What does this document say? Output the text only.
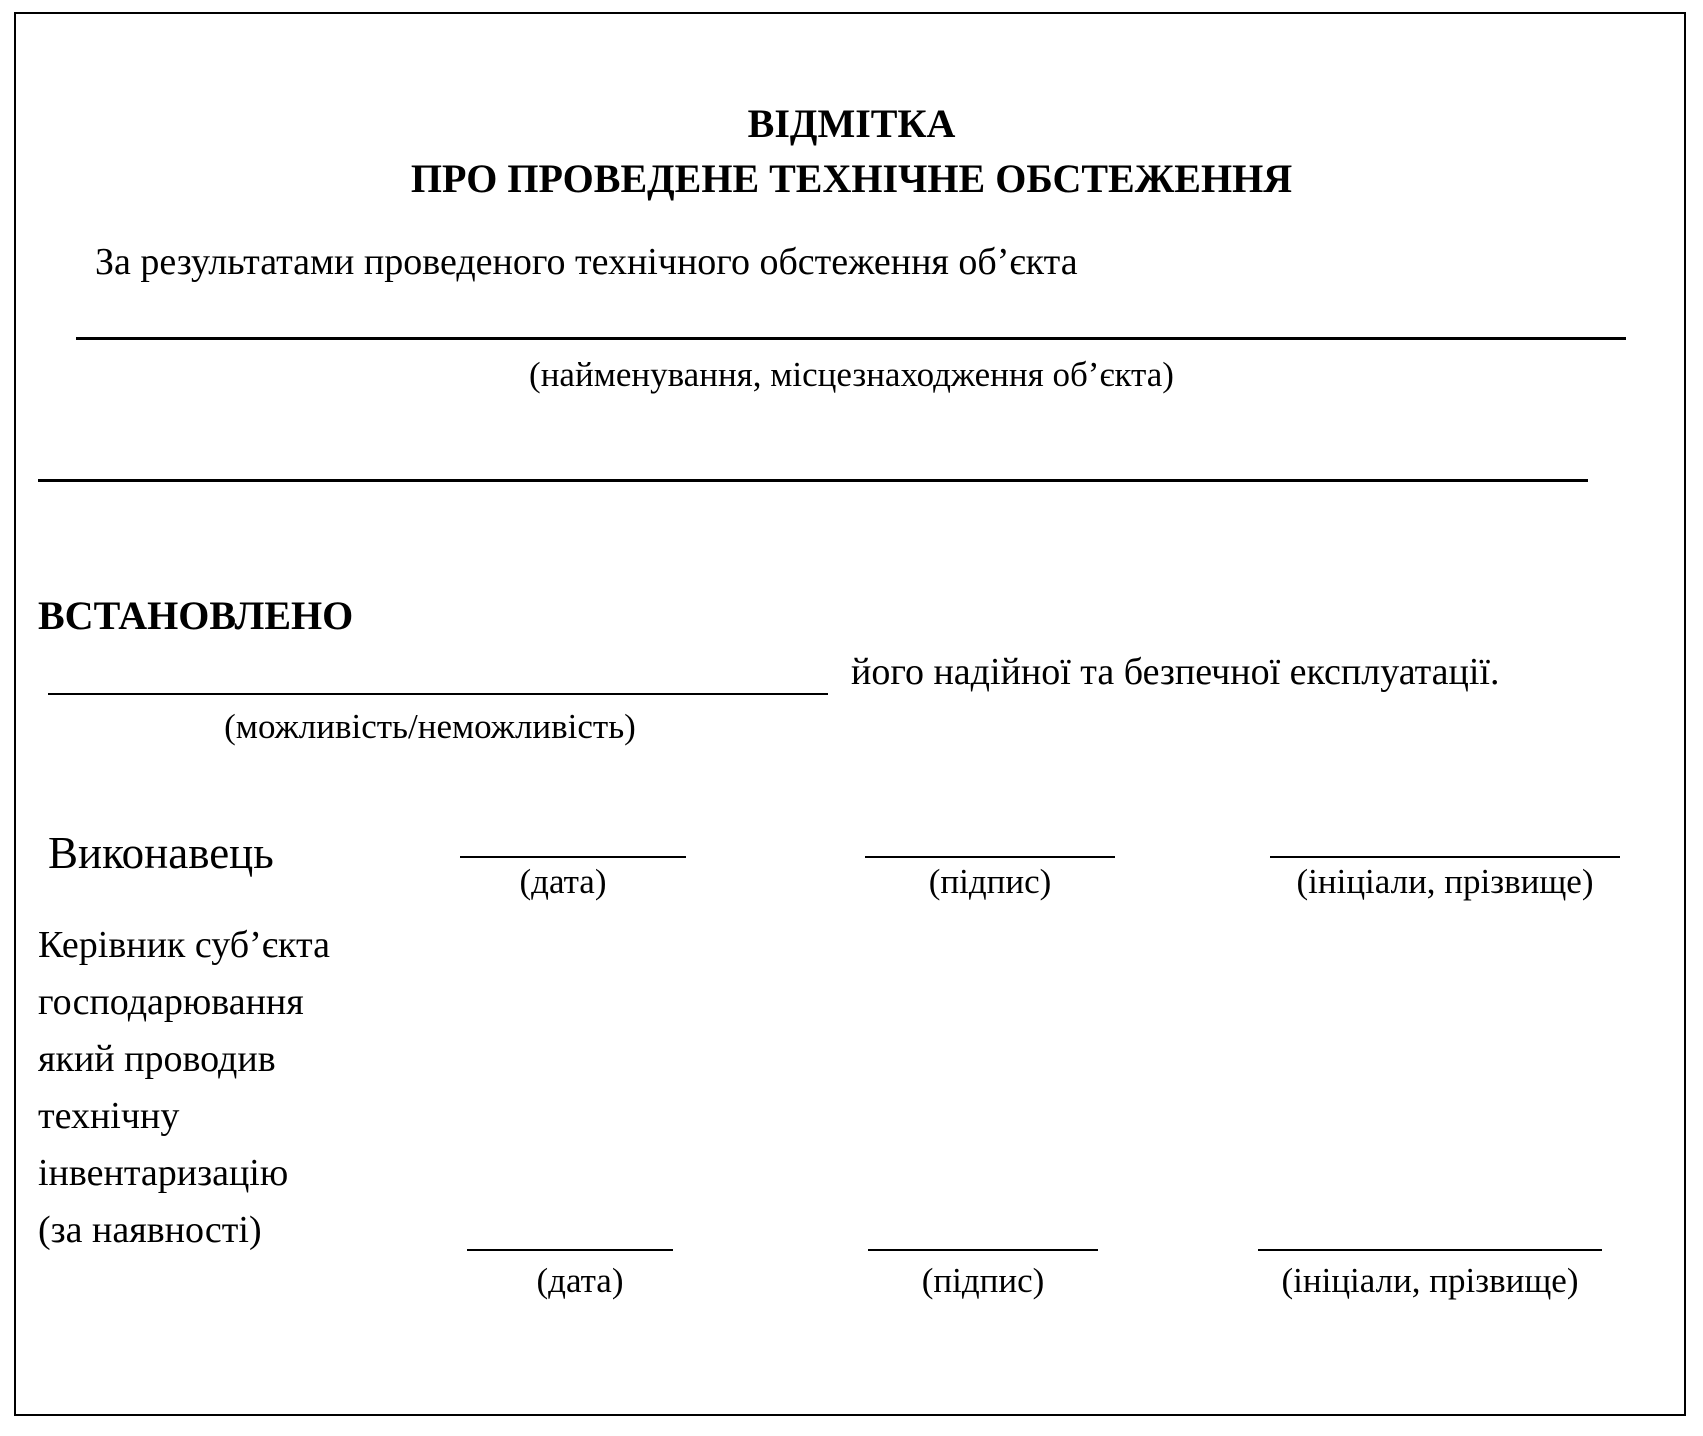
ВІДМІТКА
ПРО ПРОВЕДЕНЕ ТЕХНІЧНЕ ОБСТЕЖЕННЯ
За результатами проведеного технічного обстеження об’єкта
(найменування, місцезнаходження об’єкта)
ВСТАНОВЛЕНО
його надійної та безпечної експлуатації.
(можливість/неможливість)
Виконавець
(дата)	(підпис)	(ініціали, прізвище)
Керівник суб’єкта
господарювання
який проводив
технічну
інвентаризацію
(за наявності)
(дата)	(підпис)	(ініціали, прізвище)
